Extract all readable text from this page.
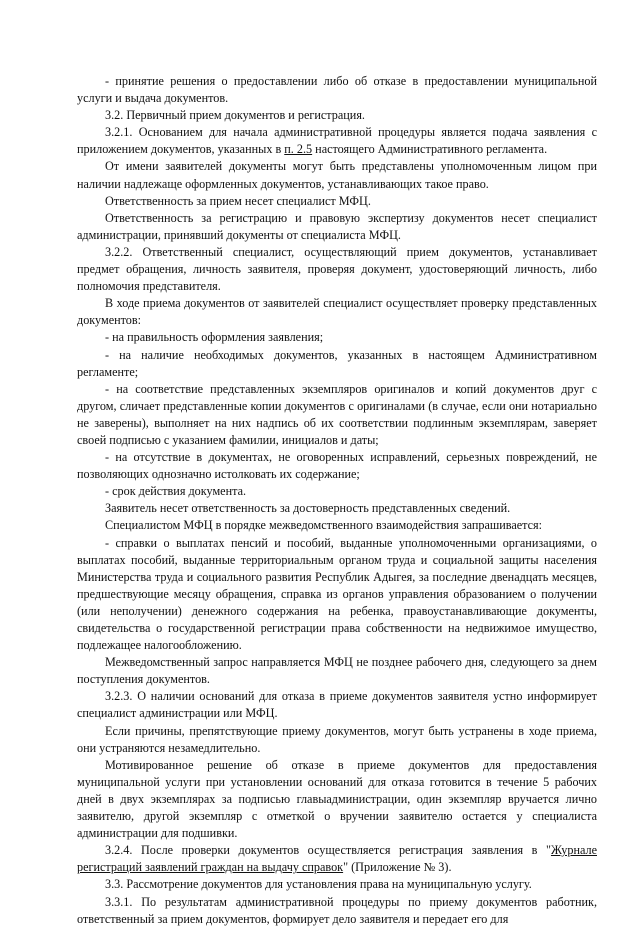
- принятие решения о предоставлении либо об отказе в предоставлении муниципальной услуги и выдача документов.

3.2. Первичный прием документов и регистрация.

3.2.1. Основанием для начала административной процедуры является подача заявления с приложением документов, указанных в п. 2.5 настоящего Административного регламента.

От имени заявителей документы могут быть представлены уполномоченным лицом при наличии надлежаще оформленных документов, устанавливающих такое право.

Ответственность за прием несет специалист МФЦ.

Ответственность за регистрацию и правовую экспертизу документов несет специалист администрации, принявший документы от специалиста МФЦ.

3.2.2. Ответственный специалист, осуществляющий прием документов, устанавливает предмет обращения, личность заявителя, проверяя документ, удостоверяющий личность, либо полномочия представителя.

В ходе приема документов от заявителей специалист осуществляет проверку представленных документов:

- на правильность оформления заявления;

- на наличие необходимых документов, указанных в настоящем Административном регламенте;

- на соответствие представленных экземпляров оригиналов и копий документов друг с другом, сличает представленные копии документов с оригиналами (в случае, если они нотариально не заверены), выполняет на них надпись об их соответствии подлинным экземплярам, заверяет своей подписью с указанием фамилии, инициалов и даты;

- на отсутствие в документах, не оговоренных исправлений, серьезных повреждений, не позволяющих однозначно истолковать их содержание;

- срок действия документа.

Заявитель несет ответственность за достоверность представленных сведений.

Специалистом МФЦ в порядке межведомственного взаимодействия запрашивается:

- справки о выплатах пенсий и пособий, выданные уполномоченными организациями, о выплатах пособий, выданные территориальным органом труда и социальной защиты населения Министерства труда и социального развития Республик Адыгея, за последние двенадцать месяцев, предшествующие месяцу обращения, справка из органов управления образованием о получении (или неполучении) денежного содержания на ребенка, правоустанавливающие документы, свидетельства о государственной регистрации права собственности на недвижимое имущество, подлежащее налогообложению.

Межведомственный запрос направляется МФЦ не позднее рабочего дня, следующего за днем поступления документов.

3.2.3. О наличии оснований для отказа в приеме документов заявителя устно информирует специалист администрации или МФЦ.

Если причины, препятствующие приему документов, могут быть устранены в ходе приема, они устраняются незамедлительно.

Мотивированное решение об отказе в приеме документов для предоставления муниципальной услуги при установлении оснований для отказа готовится в течение 5 рабочих дней в двух экземплярах за подписью главыадминистрации, один экземпляр вручается лично заявителю, другой экземпляр с отметкой о вручении заявителю остается у специалиста администрации для подшивки.

3.2.4. После проверки документов осуществляется регистрация заявления в "Журнале регистраций заявлений граждан на выдачу справок" (Приложение № 3).

3.3. Рассмотрение документов для установления права на муниципальную услугу.

3.3.1. По результатам административной процедуры по приему документов работник, ответственный за прием документов, формирует дело заявителя и передает его для
